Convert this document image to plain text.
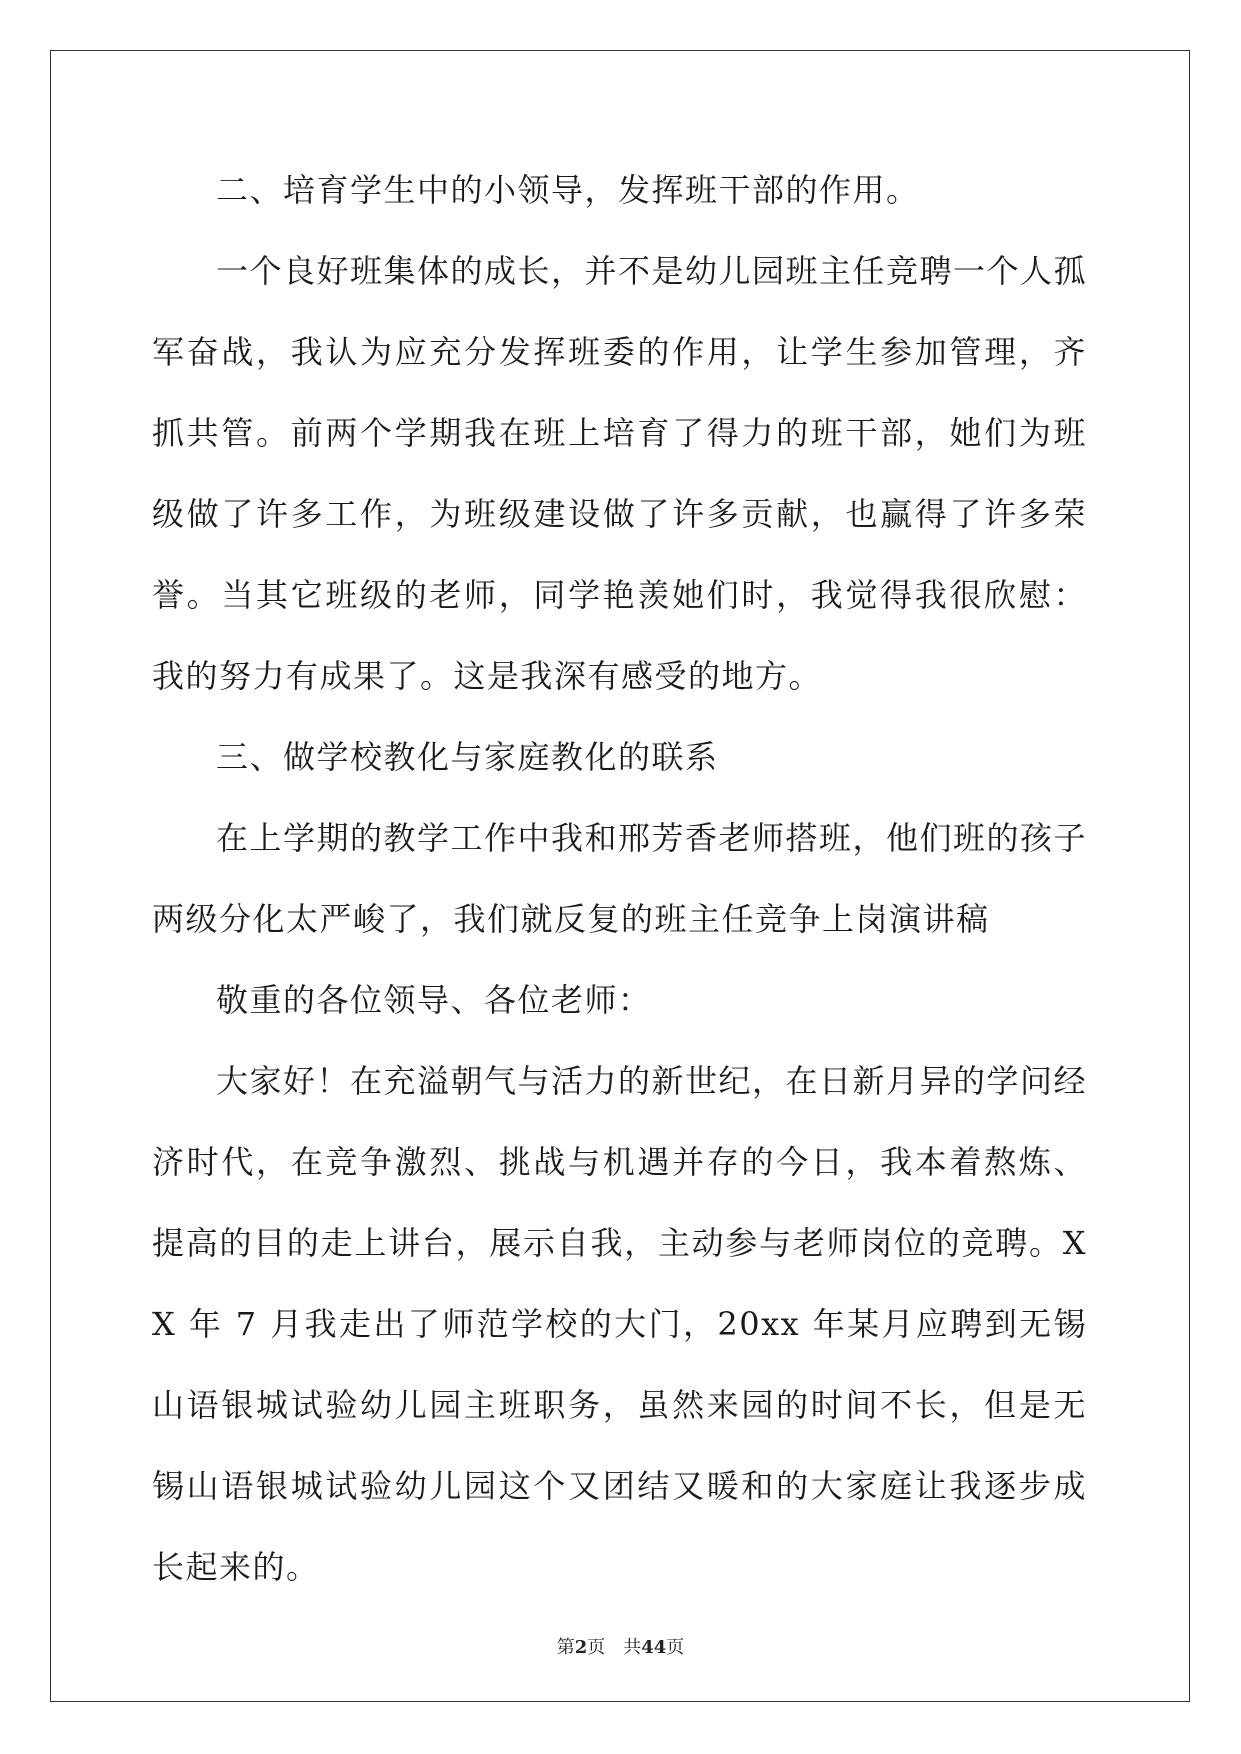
二、培育学生中的小领导，发挥班干部的作用。

一个良好班集体的成长，并不是幼儿园班主任竞聘一个人孤军奋战，我认为应充分发挥班委的作用，让学生参加管理，齐抓共管。前两个学期我在班上培育了得力的班干部，她们为班级做了许多工作，为班级建设做了许多贡献，也赢得了许多荣誉。当其它班级的老师，同学艳羡她们时，我觉得我很欣慰：我的努力有成果了。这是我深有感受的地方。

三、做学校教化与家庭教化的联系

在上学期的教学工作中我和邢芳香老师搭班，他们班的孩子两级分化太严峻了，我们就反复的班主任竞争上岗演讲稿

敬重的各位领导、各位老师：

大家好！在充溢朝气与活力的新世纪，在日新月异的学问经济时代，在竞争激烈、挑战与机遇并存的今日，我本着熬炼、提高的目的走上讲台，展示自我，主动参与老师岗位的竞聘。XX 年 7 月我走出了师范学校的大门，20xx 年某月应聘到无锡山语银城试验幼儿园主班职务，虽然来园的时间不长，但是无锡山语银城试验幼儿园这个又团结又暖和的大家庭让我逐步成长起来的。

第2页 共44页
